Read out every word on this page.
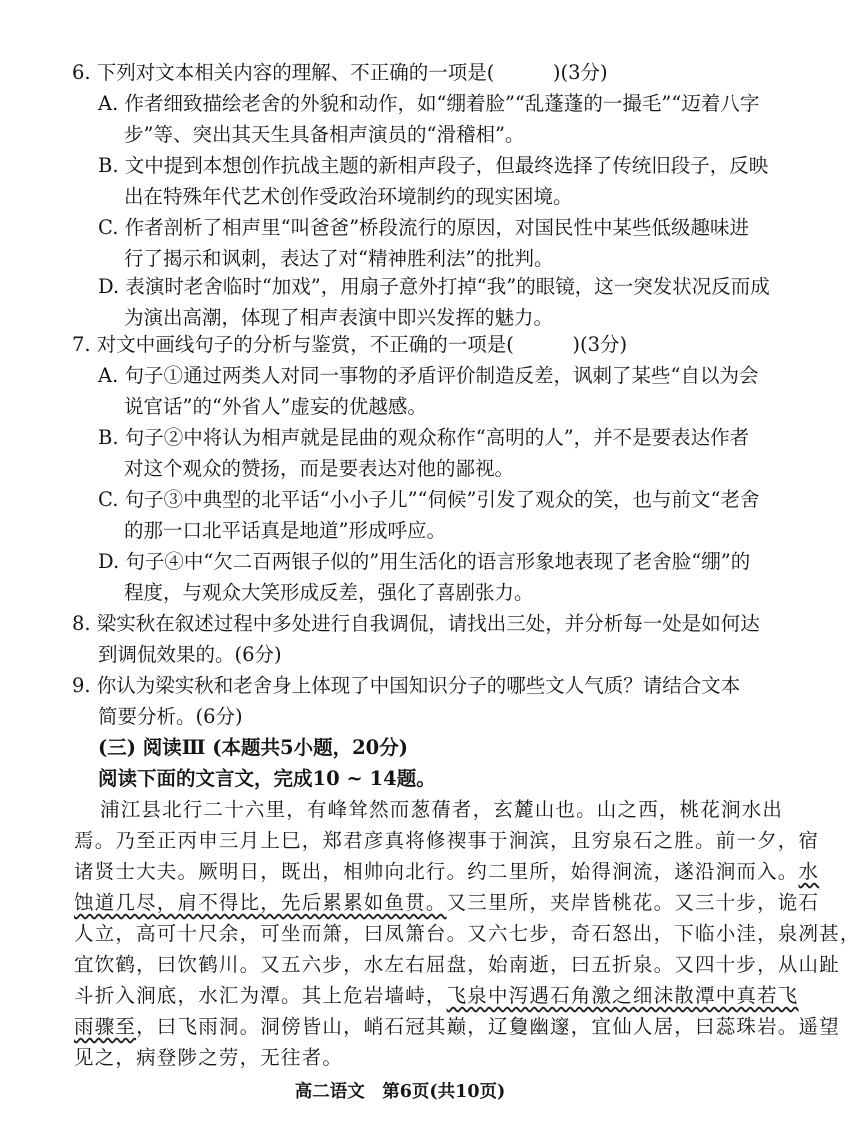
6. 下列对文本相关内容的理解、不正确的一项是(　　　)(3分)
A. 作者细致描绘老舍的外貌和动作，如“绷着脸”“乱蓬蓬的一撮毛”“迈着八字
步”等、突出其天生具备相声演员的“滑稽相”。
B. 文中提到本想创作抗战主题的新相声段子，但最终选择了传统旧段子，反映
出在特殊年代艺术创作受政治环境制约的现实困境。
C. 作者剖析了相声里“叫爸爸”桥段流行的原因，对国民性中某些低级趣味进
行了揭示和讽刺，表达了对“精神胜利法”的批判。
D. 表演时老舍临时“加戏”，用扇子意外打掉“我”的眼镜，这一突发状况反而成
为演出高潮，体现了相声表演中即兴发挥的魅力。
7. 对文中画线句子的分析与鉴赏，不正确的一项是(　　　)(3分)
A. 句子①通过两类人对同一事物的矛盾评价制造反差，讽刺了某些“自以为会
说官话”的“外省人”虚妄的优越感。
B. 句子②中将认为相声就是昆曲的观众称作“高明的人”，并不是要表达作者
对这个观众的赞扬，而是要表达对他的鄙视。
C. 句子③中典型的北平话“小小子儿”“伺候”引发了观众的笑，也与前文“老舍
的那一口北平话真是地道”形成呼应。
D. 句子④中“欠二百两银子似的”用生活化的语言形象地表现了老舍脸“绷”的
程度，与观众大笑形成反差，强化了喜剧张力。
8. 梁实秋在叙述过程中多处进行自我调侃，请找出三处，并分析每一处是如何达
到调侃效果的。(6分)
9. 你认为梁实秋和老舍身上体现了中国知识分子的哪些文人气质？请结合文本
简要分析。(6分)
(三) 阅读Ⅲ (本题共5小题，20分)
阅读下面的文言文，完成10 ~ 14题。
浦江县北行二十六里，有峰耸然而葱蒨者，玄麓山也。山之西，桃花涧水出
焉。乃至正丙申三月上巳，郑君彦真将修禊事于涧滨，且穷泉石之胜。前一夕，宿
诸贤士大夫。厥明日，既出，相帅向北行。约二里所，始得涧流，遂沿涧而入。水
蚀道几尽，肩不得比，先后累累如鱼贯。又三里所，夹岸皆桃花。又三十步，诡石
人立，高可十尺余，可坐而箫，曰凤箫台。又六七步，奇石怒出，下临小洼，泉冽甚，
宜饮鹤，曰饮鹤川。又五六步，水左右屈盘，始南逝，曰五折泉。又四十步，从山趾
斗折入涧底，水汇为潭。其上危岩墙峙，飞泉中泻遇石角激之细沫散潭中真若飞
高二语文　第6页(共10页)
雨骤至，曰飞雨洞。洞傍皆山，峭石冠其巅，辽敻幽邃，宜仙人居，曰蕊珠岩。遥望
见之，病登陟之劳，无往者。
